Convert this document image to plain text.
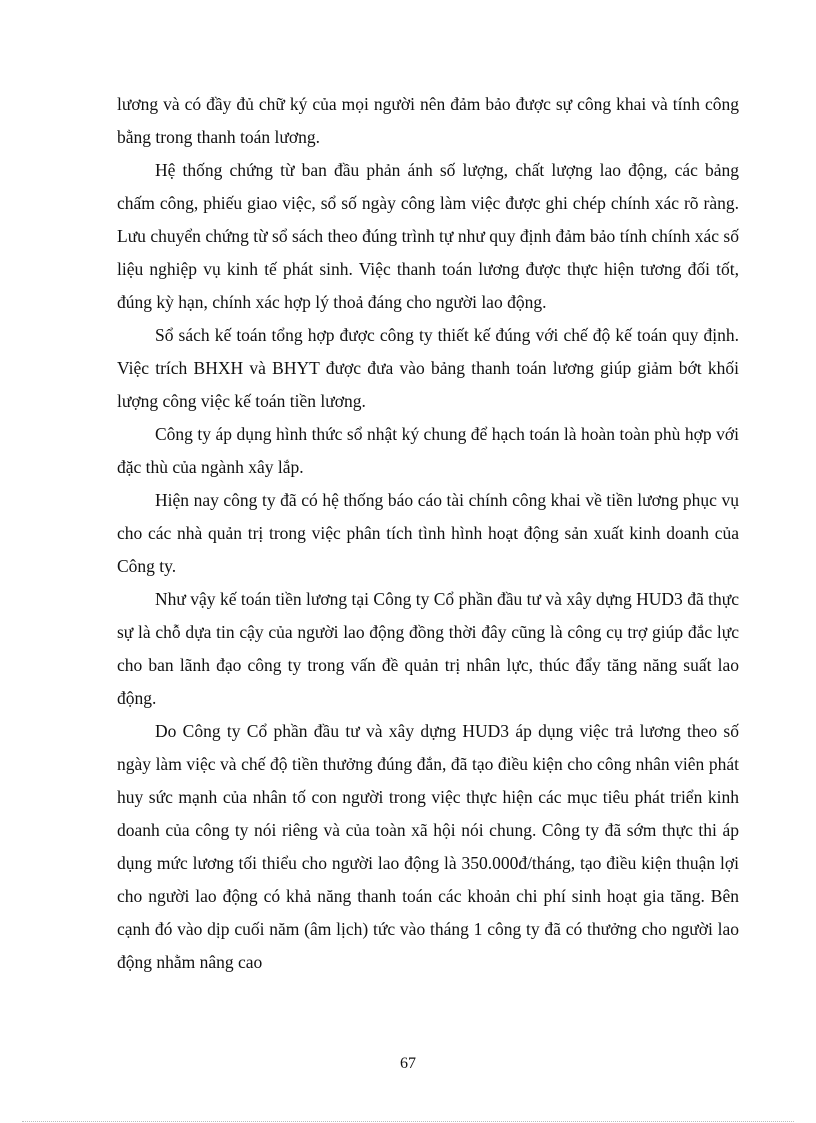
lương và có đầy đủ chữ ký của mọi người nên đảm bảo được sự công khai và tính công bằng trong thanh toán lương.

Hệ thống chứng từ ban đầu phản ánh số lượng, chất lượng lao động, các bảng chấm công, phiếu giao việc, sổ số ngày công làm việc được ghi chép chính xác rõ ràng. Lưu chuyển chứng từ sổ sách theo đúng trình tự như quy định đảm bảo tính chính xác số liệu nghiệp vụ kinh tế phát sinh. Việc thanh toán lương được thực hiện tương đối tốt, đúng kỳ hạn, chính xác hợp lý thoả đáng cho người lao động.

Sổ sách kế toán tổng hợp được công ty thiết kế đúng với chế độ kế toán quy định. Việc trích BHXH và BHYT được đưa vào bảng thanh toán lương giúp giảm bớt khối lượng công việc kế toán tiền lương.

Công ty áp dụng hình thức sổ nhật ký chung để hạch toán là hoàn toàn phù hợp với đặc thù của ngành xây lắp.

Hiện nay công ty đã có hệ thống báo cáo tài chính công khai về tiền lương phục vụ cho các nhà quản trị trong việc phân tích tình hình hoạt động sản xuất kinh doanh của Công ty.

Như vậy kế toán tiền lương tại Công ty Cổ phần đầu tư và xây dựng HUD3 đã thực sự là chỗ dựa tin cậy của người lao động đồng thời đây cũng là công cụ trợ giúp đắc lực cho ban lãnh đạo công ty trong vấn đề quản trị nhân lực, thúc đẩy tăng năng suất lao động.

Do Công ty Cổ phần đầu tư và xây dựng HUD3 áp dụng việc trả lương theo số ngày làm việc và chế độ tiền thưởng đúng đắn, đã tạo điều kiện cho công nhân viên phát huy sức mạnh của nhân tố con người trong việc thực hiện các mục tiêu phát triển kinh doanh của công ty nói riêng và của toàn xã hội nói chung. Công ty đã sớm thực thi áp dụng mức lương tối thiểu cho người lao động là 350.000đ/tháng, tạo điều kiện thuận lợi cho người lao động có khả năng thanh toán các khoản chi phí sinh hoạt gia tăng. Bên cạnh đó vào dịp cuối năm (âm lịch) tức vào tháng 1 công ty đã có thưởng cho người lao động nhằm nâng cao

67
